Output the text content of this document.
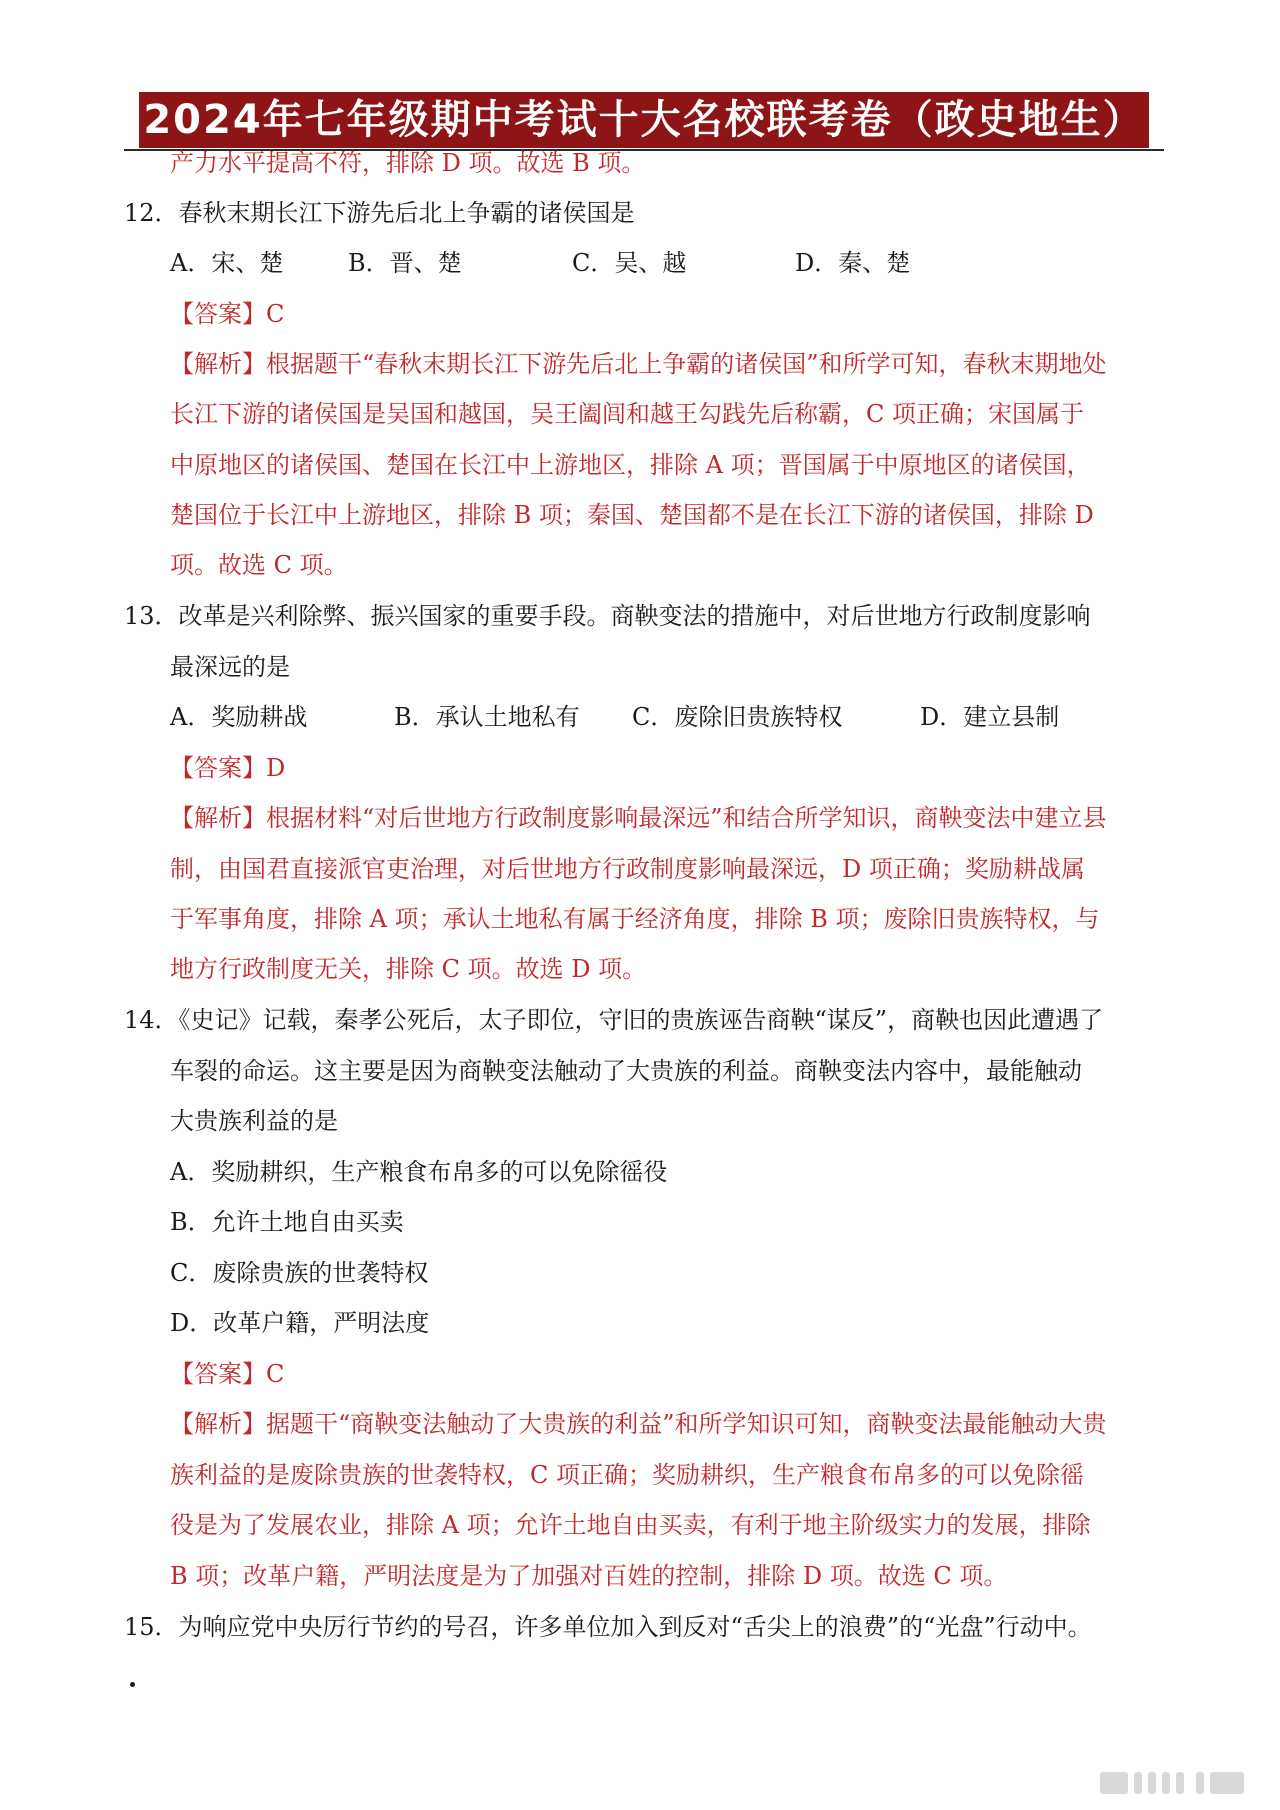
2024年七年级期中考试十大名校联考卷（政史地生）
产力水平提高不符，排除 D 项。故选 B 项。
12．春秋末期长江下游先后北上争霸的诸侯国是
【答案】C
【解析】根据题干“春秋末期长江下游先后北上争霸的诸侯国”和所学可知，春秋末期地处
长江下游的诸侯国是吴国和越国，吴王阖闾和越王勾践先后称霸，C 项正确；宋国属于
中原地区的诸侯国、楚国在长江中上游地区，排除 A 项；晋国属于中原地区的诸侯国，
楚国位于长江中上游地区，排除 B 项；秦国、楚国都不是在长江下游的诸侯国，排除 D
项。故选 C 项。
13．改革是兴利除弊、振兴国家的重要手段。商鞅变法的措施中，对后世地方行政制度影响
最深远的是
【答案】D
【解析】根据材料“对后世地方行政制度影响最深远”和结合所学知识，商鞅变法中建立县
制，由国君直接派官吏治理，对后世地方行政制度影响最深远，D 项正确；奖励耕战属
于军事角度，排除 A 项；承认土地私有属于经济角度，排除 B 项；废除旧贵族特权，与
地方行政制度无关，排除 C 项。故选 D 项。
14．《史记》记载，秦孝公死后，太子即位，守旧的贵族诬告商鞅“谋反”，商鞅也因此遭遇了
车裂的命运。这主要是因为商鞅变法触动了大贵族的利益。商鞅变法内容中，最能触动
大贵族利益的是
A．奖励耕织，生产粮食布帛多的可以免除徭役
B．允许土地自由买卖
C．废除贵族的世袭特权
D．改革户籍，严明法度
【答案】C
【解析】据题干“商鞅变法触动了大贵族的利益”和所学知识可知，商鞅变法最能触动大贵
族利益的是废除贵族的世袭特权，C 项正确；奖励耕织，生产粮食布帛多的可以免除徭
役是为了发展农业，排除 A 项；允许土地自由买卖，有利于地主阶级实力的发展，排除
B 项；改革户籍，严明法度是为了加强对百姓的控制，排除 D 项。故选 C 项。
15．为响应党中央厉行节约的号召，许多单位加入到反对“舌尖上的浪费”的“光盘”行动中。
A．宋、楚	B．晋、楚	C．吴、越	D．秦、楚
A．奖励耕战	B．承认土地私有 C．废除旧贵族特权	D．建立县制
